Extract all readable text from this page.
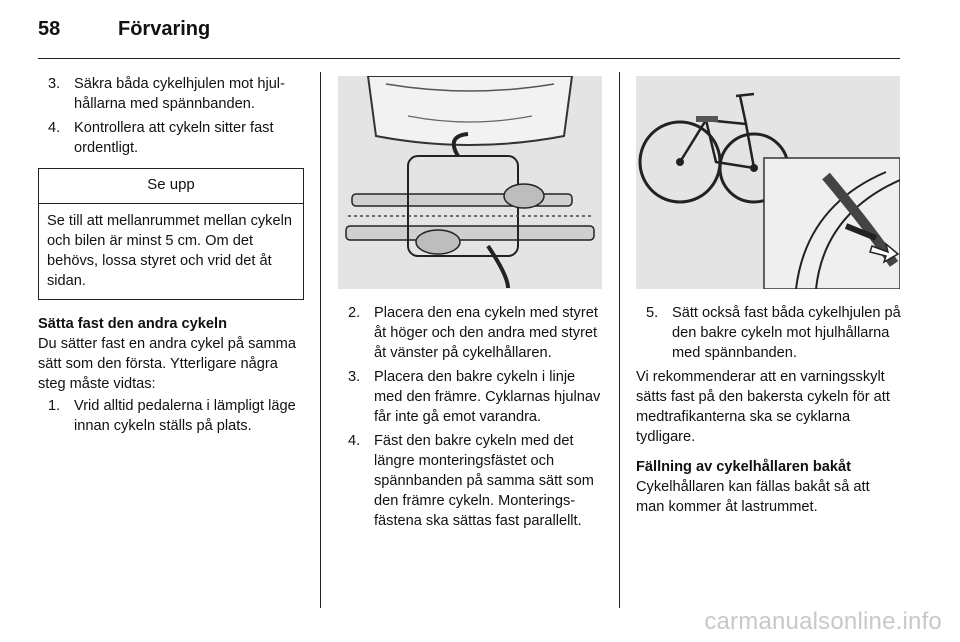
58	Förvaring
3. Säkra båda cykelhjulen mot hjulhållarna med spännbanden.
4. Kontrollera att cykeln sitter fast ordentligt.
Se upp
Se till att mellanrummet mellan cykeln och bilen är minst 5 cm. Om det behövs, lossa styret och vrid det åt sidan.

Sätta fast den andra cykeln

Du sätter fast en andra cykel på samma sätt som den första. Ytterligare några steg måste vidtas:

1. Vrid alltid pedalerna i lämpligt läge innan cykeln ställs på plats.
2. Placera den ena cykeln med styret åt höger och den andra med styret åt vänster på cykelhållaren.
3. Placera den bakre cykeln i linje med den främre. Cyklarnas hjulnav får inte gå emot varandra.
4. Fäst den bakre cykeln med det längre monteringsfästet och spännbanden på samma sätt som den främre cykeln. Monteringsfästena ska sättas fast parallellt.
5. Sätt också fast båda cykelhjulen på den bakre cykeln mot hjulhållarna med spännbanden.

Vi rekommenderar att en varningsskylt sätts fast på den bakersta cykeln för att medtrafikanterna ska se cyklarna tydligare.

Fällning av cykelhållaren bakåt

Cykelhållaren kan fällas bakåt så att man kommer åt lastrummet.

carmanualsonline.info
